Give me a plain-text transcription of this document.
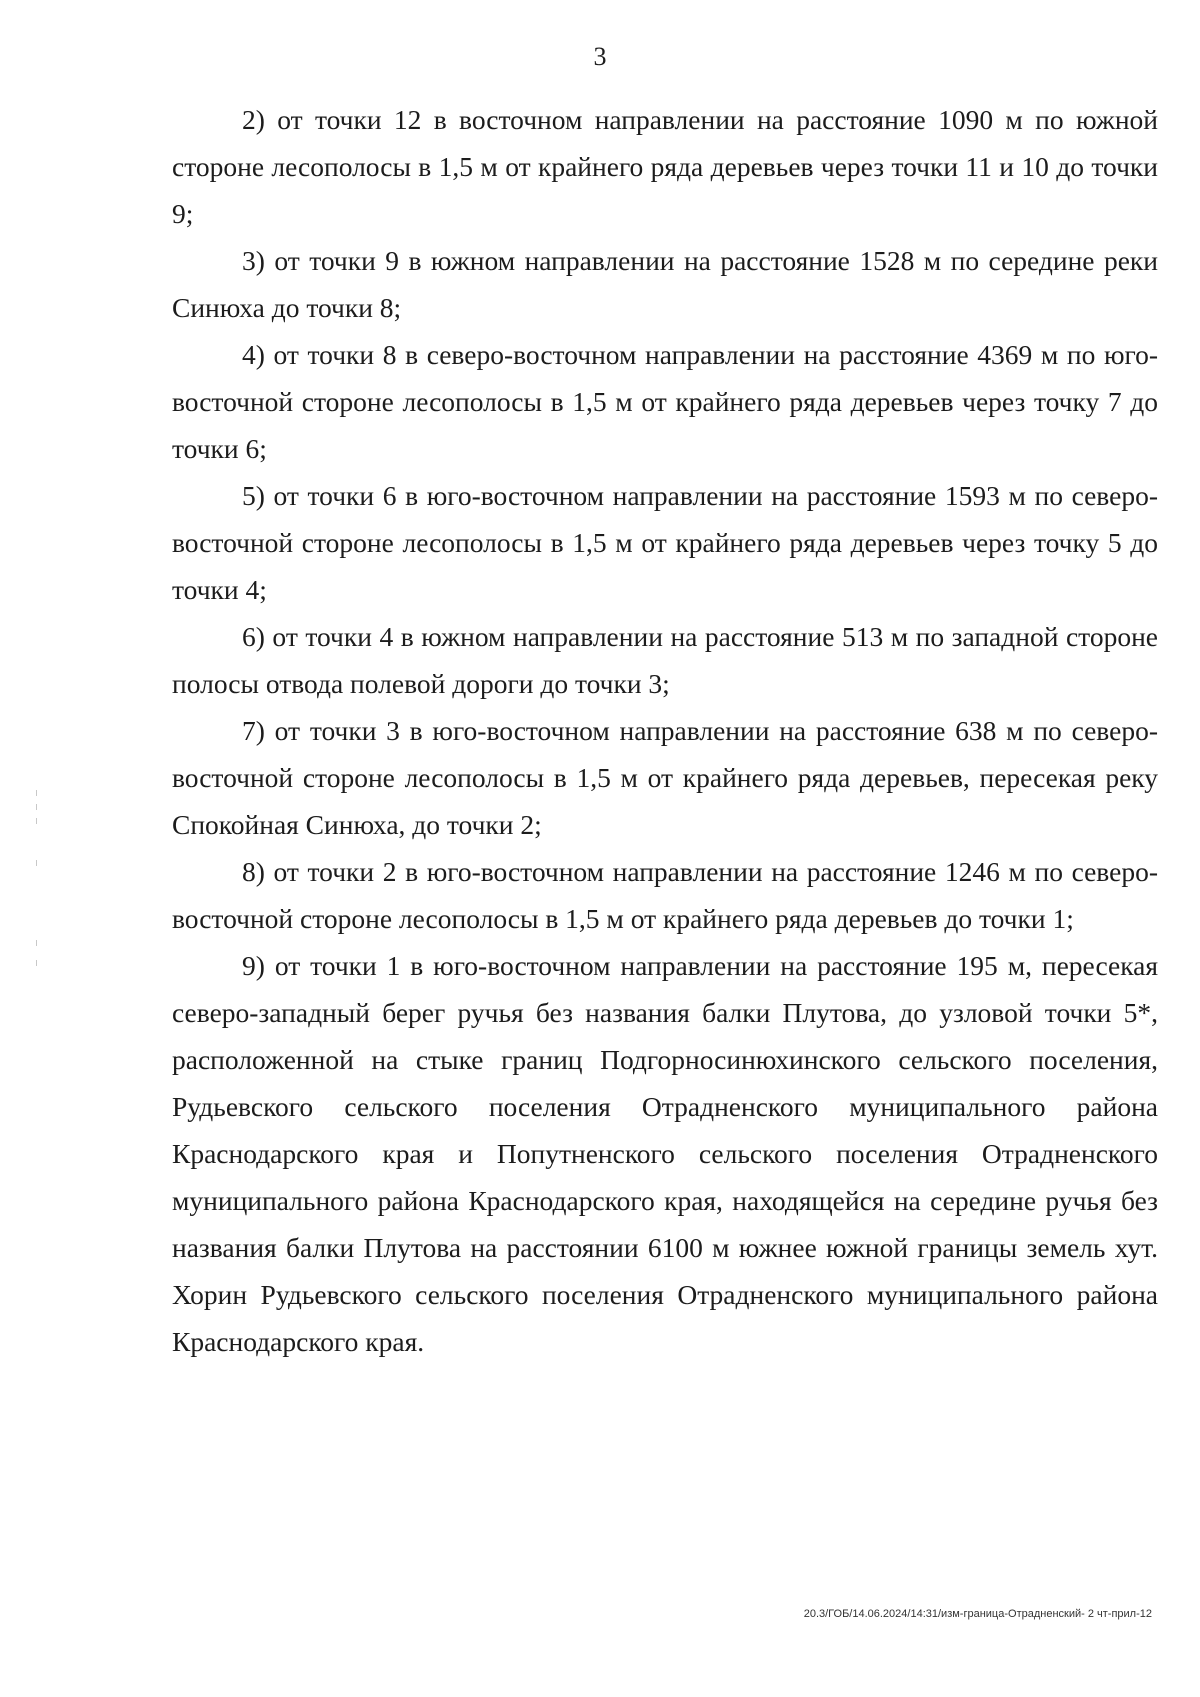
3

2) от точки 12 в восточном направлении на расстояние 1090 м по южной стороне лесополосы в 1,5 м от крайнего ряда деревьев через точки 11 и 10 до точки 9;

3) от точки 9 в южном направлении на расстояние 1528 м по середине реки Синюха до точки 8;

4) от точки 8 в северо-восточном направлении на расстояние 4369 м по юго-восточной стороне лесополосы в 1,5 м от крайнего ряда деревьев через точку 7 до точки 6;

5) от точки 6 в юго-восточном направлении на расстояние 1593 м по северо-восточной стороне лесополосы в 1,5 м от крайнего ряда деревьев через точку 5 до точки 4;

6) от точки 4 в южном направлении на расстояние 513 м по западной стороне полосы отвода полевой дороги до точки 3;

7) от точки 3 в юго-восточном направлении на расстояние 638 м по северо-восточной стороне лесополосы в 1,5 м от крайнего ряда деревьев, пересекая реку Спокойная Синюха, до точки 2;

8) от точки 2 в юго-восточном направлении на расстояние 1246 м по северо-восточной стороне лесополосы в 1,5 м от крайнего ряда деревьев до точки 1;

9) от точки 1 в юго-восточном направлении на расстояние 195 м, пересекая северо-западный берег ручья без названия балки Плутова, до узловой точки 5*, расположенной на стыке границ Подгорносинюхинского сельского поселения, Рудьевского сельского поселения Отрадненского муниципального района Краснодарского края и Попутненского сельского поселения Отрадненского муниципального района Краснодарского края, находящейся на середине ручья без названия балки Плутова на расстоянии 6100 м южнее южной границы земель хут. Хорин Рудьевского сельского поселения Отрадненского муниципального района Краснодарского края.

20.3/ГОБ/14.06.2024/14:31/изм-граница-Отрадненский- 2 чт-прил-12
